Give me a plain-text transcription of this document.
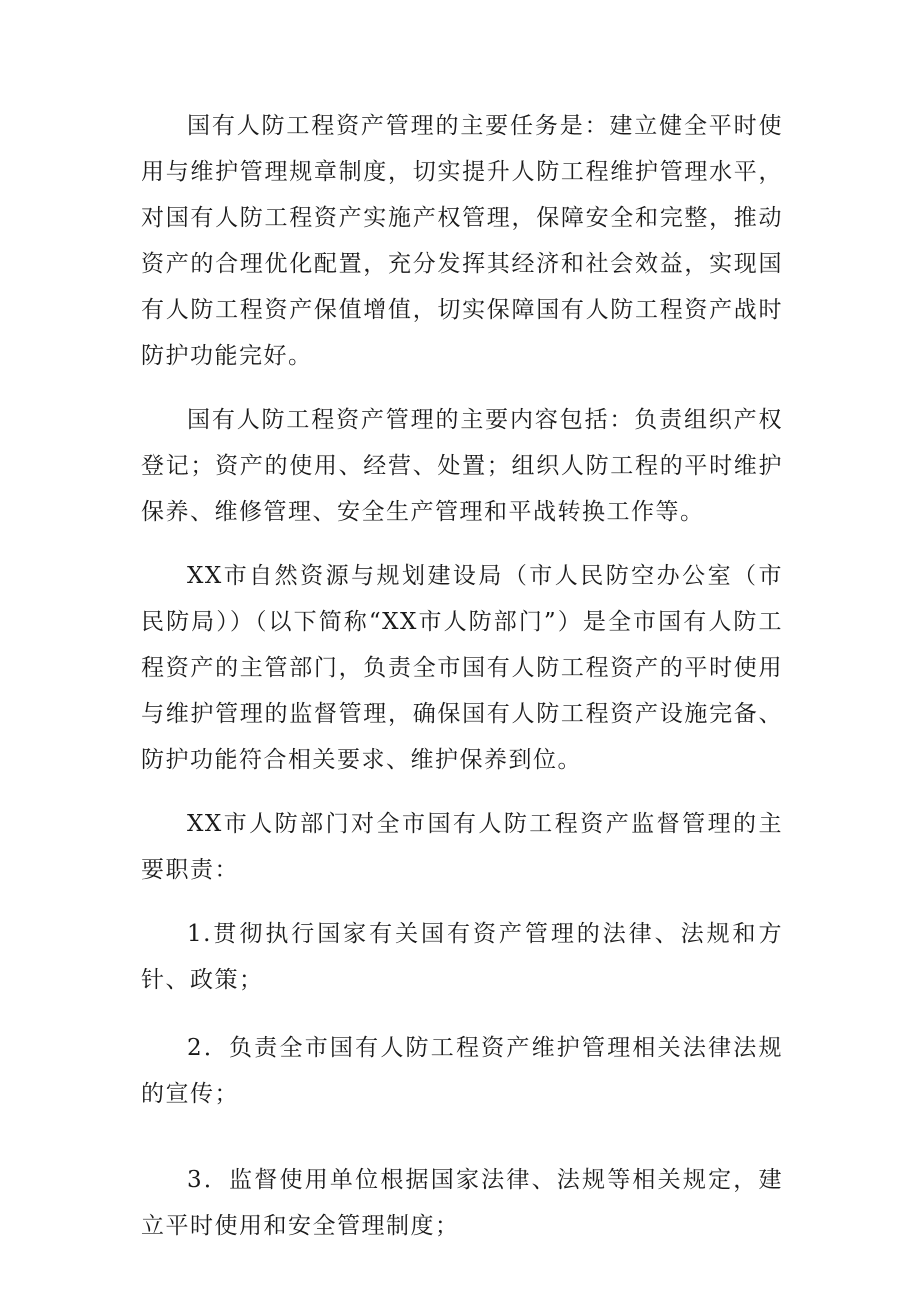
国有人防工程资产管理的主要任务是：建立健全平时使用与维护管理规章制度，切实提升人防工程维护管理水平，对国有人防工程资产实施产权管理，保障安全和完整，推动资产的合理优化配置，充分发挥其经济和社会效益，实现国有人防工程资产保值增值，切实保障国有人防工程资产战时防护功能完好。

国有人防工程资产管理的主要内容包括：负责组织产权登记；资产的使用、经营、处置；组织人防工程的平时维护保养、维修管理、安全生产管理和平战转换工作等。

XX市自然资源与规划建设局（市人民防空办公室（市民防局））（以下简称“XX市人防部门”）是全市国有人防工程资产的主管部门，负责全市国有人防工程资产的平时使用与维护管理的监督管理，确保国有人防工程资产设施完备、防护功能符合相关要求、维护保养到位。

XX市人防部门对全市国有人防工程资产监督管理的主要职责：

1.贯彻执行国家有关国有资产管理的法律、法规和方针、政策；

2．负责全市国有人防工程资产维护管理相关法律法规的宣传；

3．监督使用单位根据国家法律、法规等相关规定，建立平时使用和安全管理制度；
